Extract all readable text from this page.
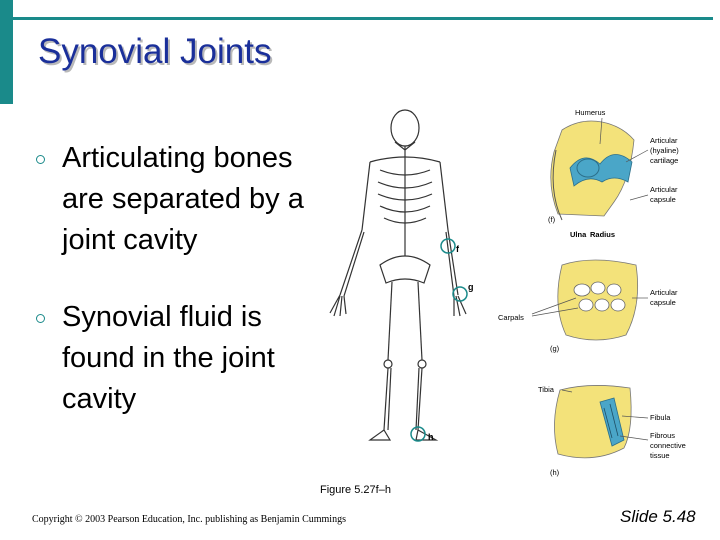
Synovial Joints
Articulating bones are separated by a joint cavity
Synovial fluid is found in the joint cavity
f
g
h
Humerus
Articular
(hyaline)
cartilage
Articular
capsule
(f)
Ulna Radius
Articular
capsule
Carpals
(g)
Tibia
Fibula
Fibrous
connective
tissue
(h)
Figure 5.27f–h
Copyright © 2003 Pearson Education, Inc. publishing as Benjamin Cummings	Slide 5.48
